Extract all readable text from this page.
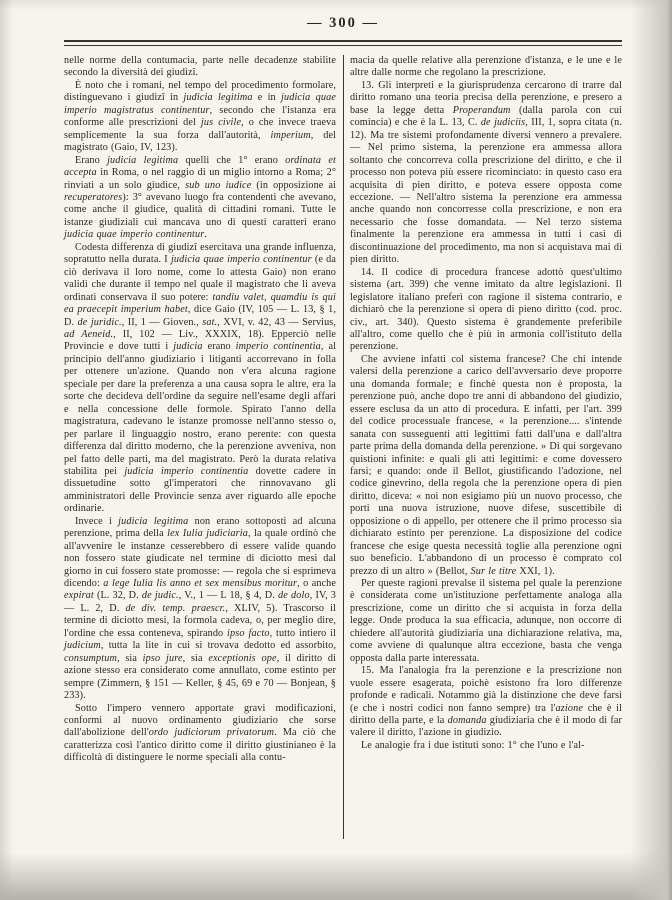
— 300 —

nelle norme della contumacia, parte nelle decadenze stabilite secondo la diversità dei giudizî.

È noto che i romani, nel tempo del procedimento formolare, distinguevano i giudizî in judicia legitima e in judicia quae imperio magistratus continentur, secondo che l'istanza era conforme alle prescrizioni del jus civile, o che invece traeva semplicemente la sua forza dall'autorità, imperium, del magistrato (Gaio, IV, 123).

Erano judicia legitima quelli che 1° erano ordinata et accepta in Roma, o nel raggio di un miglio intorno a Roma; 2° rinviati a un solo giudice, sub uno iudice (in opposizione ai recuperatores): 3° avevano luogo fra contendenti che avevano, come anche il giudice, qualità di cittadini romani. Tutte le istanze giudiziali cui mancava uno di questi caratteri erano judicia quae imperio continentur.

Codesta differenza di giudizî esercitava una grande influenza, sopratutto nella durata. I judicia quae imperio continentur (e da ciò derivava il loro nome, come lo attesta Gaio) non erano validi che durante il tempo nel quale il magistrato che li aveva ordinati conservava il suo potere: tandiu valet, quamdiu is qui ea praecepit imperium habet, dice Gaio (IV, 105 — L. 13, § 1, D. de juridic., II, 1 — Gioven., sat., XVI, v. 42, 43 — Servius, ad Aeneid., II, 102 — Liv., XXXIX, 18). Epperciò nelle Provincie e dove tutti i judicia erano imperio continentia, al principio dell'anno giudiziario i litiganti accorrevano in folla per ottenere un'azione. Quando non v'era alcuna ragione speciale per dare la preferenza a una causa sopra le altre, era la sorte che decideva dell'ordine da seguire nell'esame degli affari e nella concessione delle formole. Spirato l'anno della magistratura, cadevano le istanze promosse nell'anno stesso o, per parlare il linguaggio nostro, erano perente: con questa differenza dal diritto moderno, che la perenzione avveniva, non pel fatto delle parti, ma del magistrato. Però la durata relativa stabilita pei judicia imperio continentia dovette cadere in dissuetudine sotto gl'imperatori che rinnovavano gli amministratori delle Provincie senza aver riguardo alle epoche ordinarie.

Invece i judicia legitima non erano sottoposti ad alcuna perenzione, prima della lex Iulia judiciaria, la quale ordinò che all'avvenire le instanze cesserebbero di essere valide quando non fossero state giudicate nel termine di diciotto mesi dal giorno in cui fossero state promosse: — regola che si esprimeva dicendo: a lege Iulia lis anno et sex mensibus moritur, o anche expirat (L. 32, D. de judic., V., 1 — L 18, § 4, D. de dolo, IV, 3 — L. 2, D. de div. temp. praescr., XLIV, 5). Trascorso il termine di diciotto mesi, la formola cadeva, o, per meglio dire, l'ordine che essa conteneva, spirando ipso facto, tutto intiero il judicium, tutta la lite in cui si trovava dedotto ed assorbito, consumptum, sia ipso jure, sia exceptionis ope, il diritto di azione stesso era considerato come annullato, come estinto per sempre (Zimmern, § 151 — Keller, § 45, 69 e 70 — Bonjean, § 233).

Sotto l'impero vennero apportate gravi modificazioni, conformi al nuovo ordinamento giudiziario che sorse dall'abolizione dell'ordo judiciorum privatorum. Ma ciò che caratterizza così l'antico diritto come il diritto giustinianeo è la difficoltà di distinguere le norme speciali alla contu-

macia da quelle relative alla perenzione d'istanza, e le une e le altre dalle norme che regolano la prescrizione.

13. Gli interpreti e la giurisprudenza cercarono di trarre dal diritto romano una teoria precisa della perenzione, e presero a base la legge detta Properandum (dalla parola con cui comincia) e che è la L. 13, C. de judiciis, III, 1, sopra citata (n. 12). Ma tre sistemi profondamente diversi vennero a prevalere. — Nel primo sistema, la perenzione era ammessa allora soltanto che concorreva colla prescrizione del diritto, e che il processo non poteva più essere ricominciato: in questo caso era acquisita di pien diritto, e poteva essere opposta come eccezione. — Nell'altro sistema la perenzione era ammessa anche quando non concorresse colla prescrizione, e non era necessario che fosse domandata. — Nel terzo sistema finalmente la perenzione era ammessa in tutti i casi di discontinuazione del procedimento, ma non si acquistava mai di pien diritto.

14. Il codice di procedura francese adottò quest'ultimo sistema (art. 399) che venne imitato da altre legislazioni. Il legislatore italiano preferì con ragione il sistema contrario, e dichiarò che la perenzione si opera di pieno diritto (cod. proc. civ., art. 340). Questo sistema è grandemente preferibile all'altro, come quello che è più in armonia coll'istituto della perenzione.

Che avviene infatti col sistema francese? Che chi intende valersi della perenzione a carico dell'avversario deve proporre una domanda formale; e finchè questa non è proposta, la perenzione può, anche dopo tre anni di abbandono del giudizio, essere esclusa da un atto di procedura. E infatti, per l'art. 399 del codice processuale francese, « la perenzione.... s'intende sanata con susseguenti atti legittimi fatti dall'una e dall'altra parte prima della domanda della perenzione. » Di qui sorgevano quistioni infinite: e quali gli atti legittimi: e come dovessero farsi; e quando: onde il Bellot, giustificando l'adozione, nel codice ginevrino, della regola che la perenzione opera di pien diritto, diceva: « noi non esigiamo più un nuovo processo, che porti una nuova istruzione, nuove difese, suscettibile di opposizione o di appello, per ottenere che il primo processo sia dichiarato estinto per perenzione. La disposizione del codice francese che esige questa necessità toglie alla perenzione ogni suo beneficio. L'abbandono di un processo è comprato col prezzo di un altro » (Bellot, Sur le titre XXI, 1).

Per queste ragioni prevalse il sistema pel quale la perenzione è considerata come un'istituzione perfettamente analoga alla prescrizione, come un diritto che si acquista in forza della legge. Onde produca la sua efficacia, adunque, non occorre di chiedere all'autorità giudiziaria una dichiarazione relativa, ma, come avviene di qualunque altra eccezione, basta che venga opposta dalla parte interessata.

15. Ma l'analogia fra la perenzione e la prescrizione non vuole essere esagerata, poichè esistono fra loro differenze profonde e radicali. Notammo già la distinzione che deve farsi (e che i nostri codici non fanno sempre) tra l'azione che è il diritto della parte, e la domanda giudiziaria che è il modo di far valere il diritto, l'azione in giudizio.

Le analogie fra i due istituti sono: 1° che l'uno e l'al-
